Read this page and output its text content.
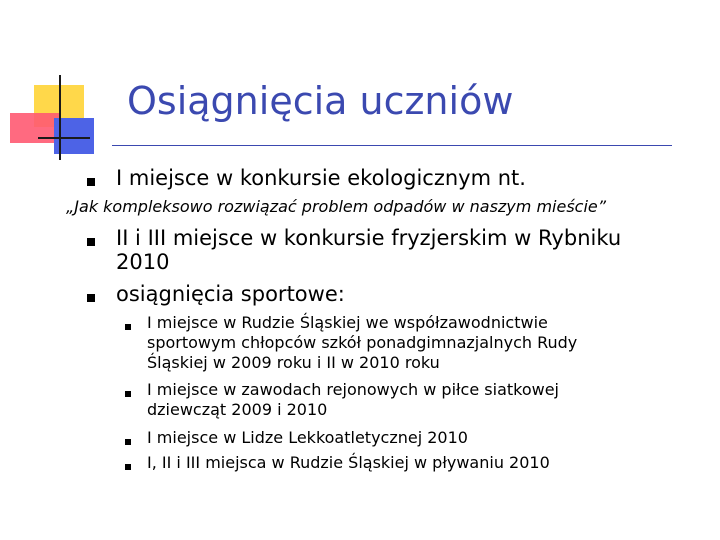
Osiągnięcia uczniów
I miejsce w konkursie ekologicznym nt.
„Jak kompleksowo rozwiązać problem odpadów w naszym mieście”
II i III miejsce w konkursie fryzjerskim w Rybniku
2010
osiągnięcia sportowe:
I miejsce w Rudzie Śląskiej we współzawodnictwie
sportowym chłopców szkół ponadgimnazjalnych Rudy
Śląskiej w 2009 roku i II w 2010 roku
I miejsce w zawodach rejonowych w piłce siatkowej
dziewcząt 2009 i 2010
I miejsce w Lidze Lekkoatletycznej 2010
I, II i III miejsca w Rudzie Śląskiej w pływaniu 2010
